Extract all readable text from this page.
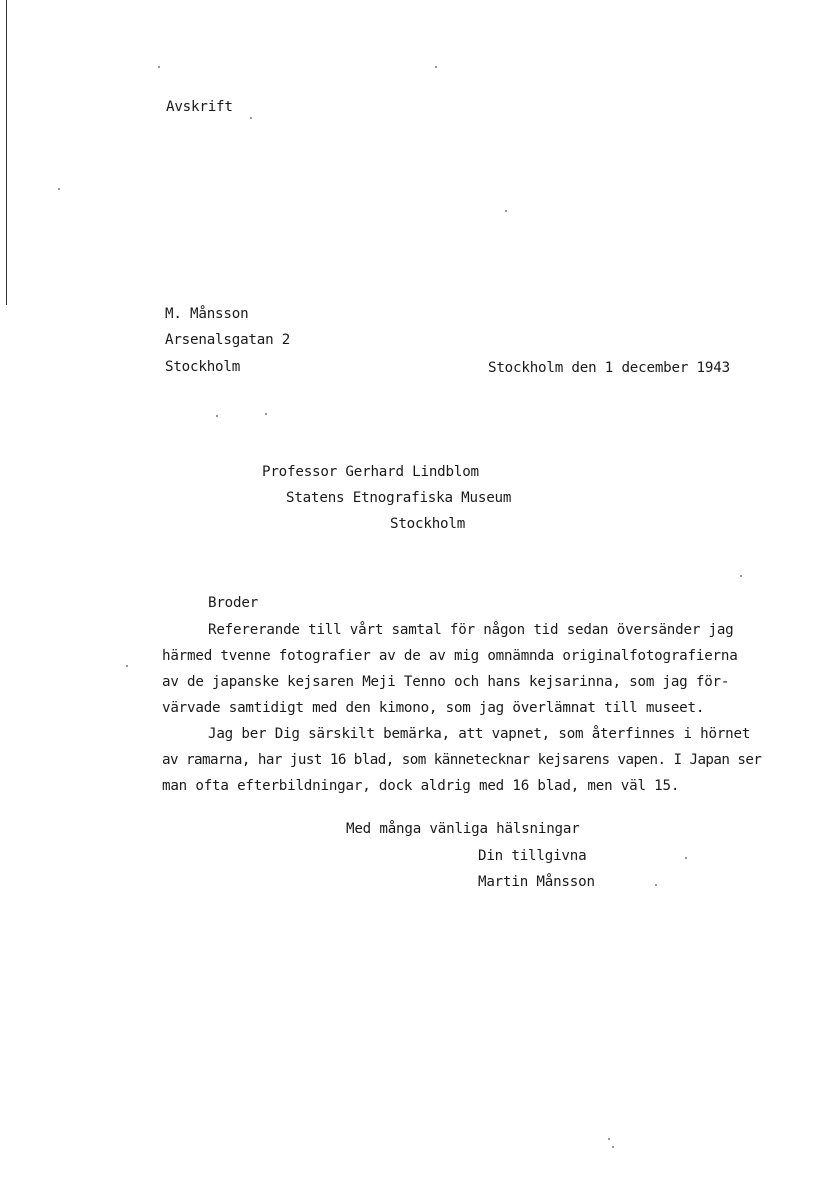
Avskrift
M. Månsson
Arsenalsgatan 2
Stockholm	Stockholm den 1 december 1943
Professor Gerhard Lindblom
Statens Etnografiska Museum
Stockholm
Broder
Refererande till vårt samtal för någon tid sedan översänder jag
härmed tvenne fotografier av de av mig omnämnda originalfotografierna
av de japanske kejsaren Meji Tenno och hans kejsarinna, som jag för-
värvade samtidigt med den kimono, som jag överlämnat till museet.
Jag ber Dig särskilt bemärka, att vapnet, som återfinnes i hörnet
av ramarna, har just 16 blad, som kännetecknar kejsarens vapen. I Japan ser
man ofta efterbildningar, dock aldrig med 16 blad, men väl 15.
Med många vänliga hälsningar
Din tillgivna
Martin Månsson
